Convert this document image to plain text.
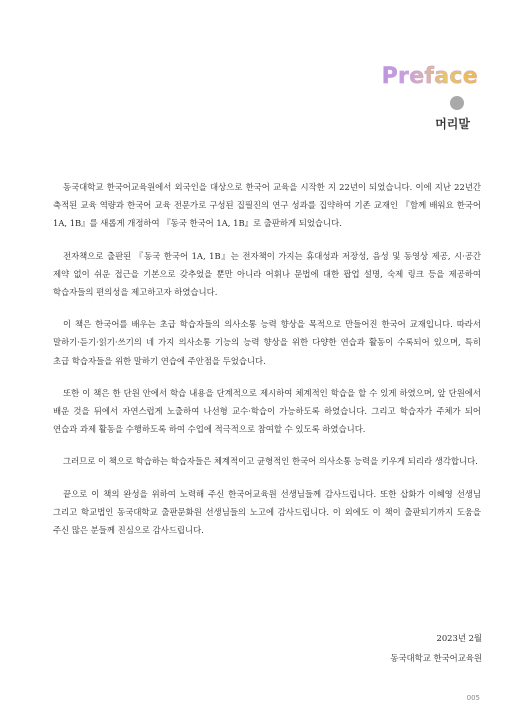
Preface
머리말

동국대학교 한국어교육원에서 외국인을 대상으로 한국어 교육을 시작한 지 22년이 되었습니다. 이에 지난 22년간 축적된 교육 역량과 한국어 교육 전문가로 구성된 집필진의 연구 성과를 집약하여 기존 교재인 『함께 배워요 한국어 1A, 1B』를 새롭게 개정하여 『동국 한국어 1A, 1B』로 출판하게 되었습니다.

전자책으로 출판된 『동국 한국어 1A, 1B』는 전자책이 가지는 휴대성과 저장성, 음성 및 동영상 제공, 시·공간 제약 없이 쉬운 접근을 기본으로 갖추었을 뿐만 아니라 어휘나 문법에 대한 팝업 설명, 숙제 링크 등을 제공하여 학습자들의 편의성을 제고하고자 하였습니다.

이 책은 한국어를 배우는 초급 학습자들의 의사소통 능력 향상을 목적으로 만들어진 한국어 교재입니다. 따라서 말하기·듣기·읽기·쓰기의 네 가지 의사소통 기능의 능력 향상을 위한 다양한 연습과 활동이 수록되어 있으며, 특히 초급 학습자들을 위한 말하기 연습에 주안점을 두었습니다.

또한 이 책은 한 단원 안에서 학습 내용을 단계적으로 제시하여 체계적인 학습을 할 수 있게 하였으며, 앞 단원에서 배운 것을 뒤에서 자연스럽게 노출하여 나선형 교수·학습이 가능하도록 하였습니다. 그리고 학습자가 주체가 되어 연습과 과제 활동을 수행하도록 하여 수업에 적극적으로 참여할 수 있도록 하였습니다.

그러므로 이 책으로 학습하는 학습자들은 체계적이고 균형적인 한국어 의사소통 능력을 키우게 되리라 생각합니다.

끝으로 이 책의 완성을 위하여 노력해 주신 한국어교육원 선생님들께 감사드립니다. 또한 삽화가 이혜영 선생님 그리고 학교법인 동국대학교 출판문화원 선생님들의 노고에 감사드립니다. 이 외에도 이 책이 출판되기까지 도움을 주신 많은 분들께 진심으로 감사드립니다.

2023년 2월
동국대학교 한국어교육원
005
